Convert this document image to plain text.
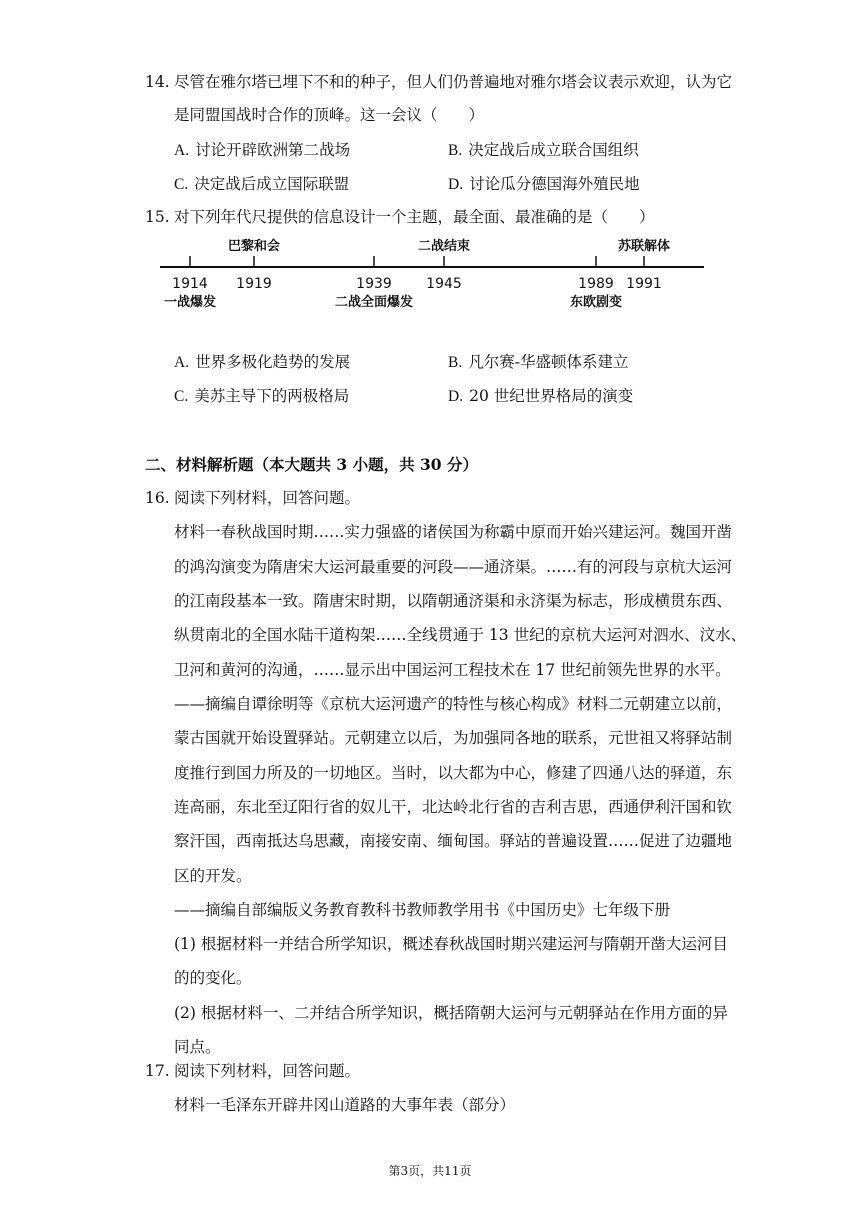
14. 尽管在雅尔塔已埋下不和的种子，但人们仍普遍地对雅尔塔会议表示欢迎，认为它
是同盟国战时合作的顶峰。这一会议（　　）
A. 讨论开辟欧洲第二战场	B. 决定战后成立联合国组织
C. 决定战后成立国际联盟	D. 讨论瓜分德国海外殖民地
15. 对下列年代尺提供的信息设计一个主题，最全面、最准确的是（　　）
1919
巴黎和会
1945
二战结束
1991
苏联解体
1914
一战爆发
1939
二战全面爆发
1989
东欧剧变
A. 世界多极化趋势的发展	B. 凡尔赛-华盛顿体系建立
C. 美苏主导下的两极格局	D. 20 世纪世界格局的演变
二、材料解析题（本大题共 3 小题，共 30 分）
16. 阅读下列材料，回答问题。
材料一春秋战国时期……实力强盛的诸侯国为称霸中原而开始兴建运河。魏国开凿
的鸿沟演变为隋唐宋大运河最重要的河段——通济渠。……有的河段与京杭大运河
的江南段基本一致。隋唐宋时期，以隋朝通济渠和永济渠为标志，形成横贯东西、
纵贯南北的全国水陆干道构架……全线贯通于 13 世纪的京杭大运河对泗水、汶水、
卫河和黄河的沟通，……显示出中国运河工程技术在 17 世纪前领先世界的水平。
——摘编自谭徐明等《京杭大运河遗产的特性与核心构成》材料二元朝建立以前，
蒙古国就开始设置驿站。元朝建立以后，为加强同各地的联系，元世祖又将驿站制
度推行到国力所及的一切地区。当时，以大都为中心，修建了四通八达的驿道，东
连高丽，东北至辽阳行省的奴儿干，北达岭北行省的吉利吉思，西通伊利汗国和钦
察汗国，西南抵达乌思藏，南接安南、缅甸国。驿站的普遍设置……促进了边疆地
区的开发。
——摘编自部编版义务教育教科书教师教学用书《中国历史》七年级下册
(1) 根据材料一并结合所学知识，概述春秋战国时期兴建运河与隋朝开凿大运河目
的的变化。
(2) 根据材料一、二并结合所学知识，概括隋朝大运河与元朝驿站在作用方面的异
同点。
17. 阅读下列材料，回答问题。
材料一毛泽东开辟井冈山道路的大事年表（部分）
第3页，共11页
